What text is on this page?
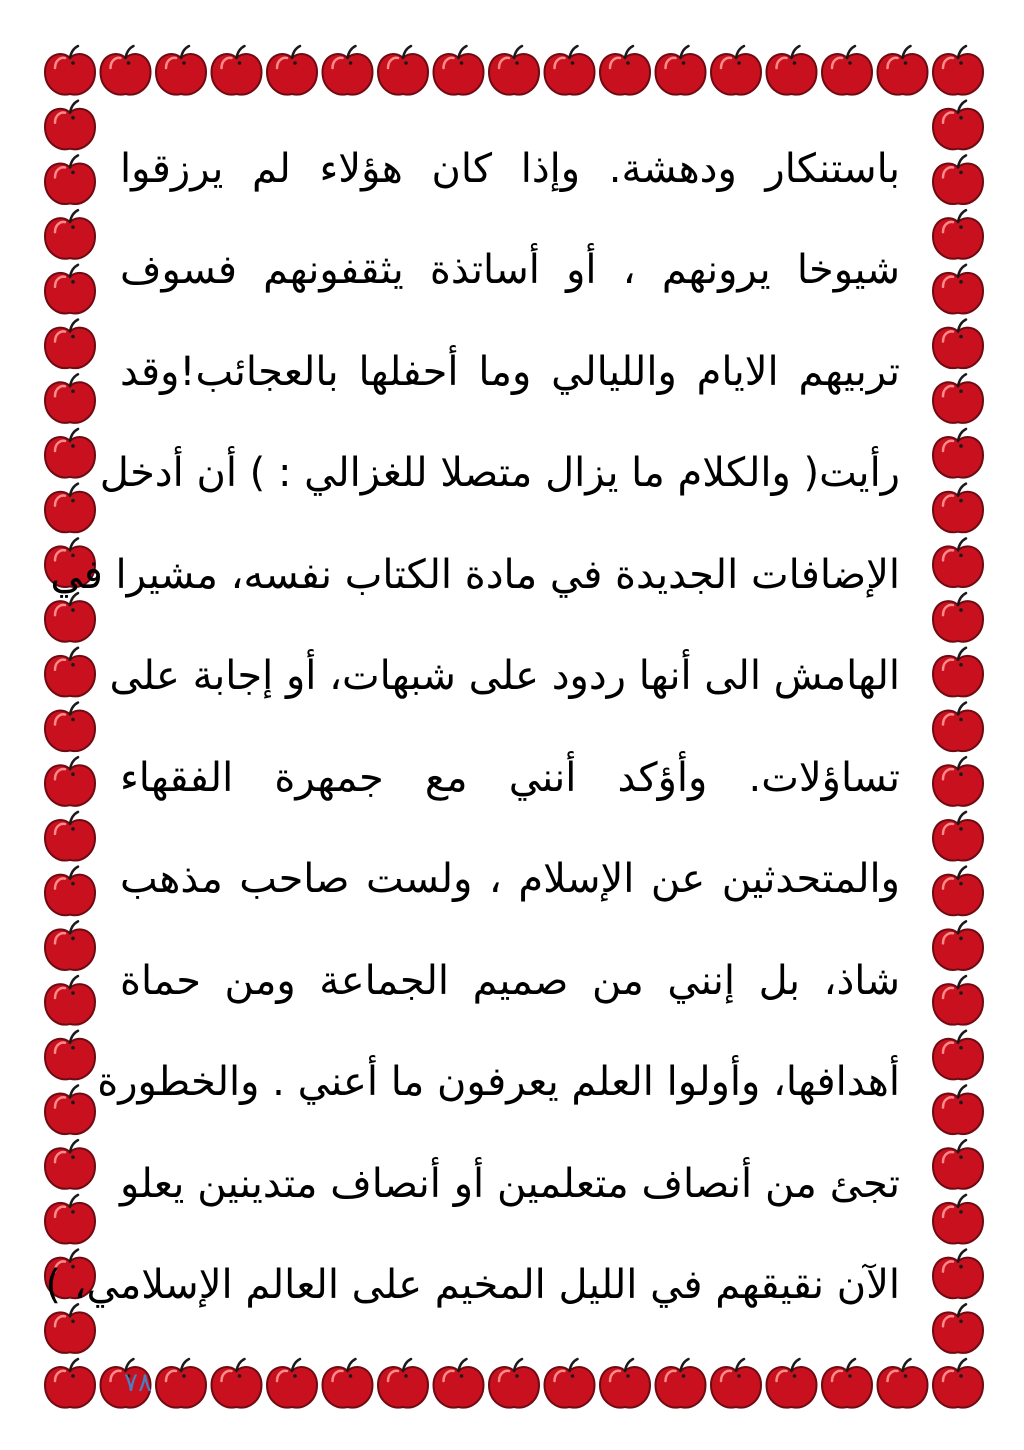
باستنكار ودهشة. وإذا كان هؤلاء لم يرزقوا
شيوخا يرونهم ، أو أساتذة يثقفونهم فسوف
تربيهم الايام والليالي وما أحفلها بالعجائب!وقد
رأيت( والكلام ما يزال متصلا للغزالي : ) أن أدخل
الإضافات الجديدة في مادة الكتاب نفسه، مشيرا في
الهامش الى أنها ردود على شبهات، أو إجابة على
تساؤلات. وأؤكد أنني مع جمهرة الفقهاء
والمتحدثين عن الإسلام ، ولست صاحب مذهب
شاذ، بل إنني من صميم الجماعة ومن حماة
أهدافها، وأولوا العلم يعرفون ما أعني . والخطورة
تجئ من أنصاف متعلمين أو أنصاف متدينين يعلو
الآن نقيقهم في الليل المخيم على العالم الإسلامي، )
٧٨
